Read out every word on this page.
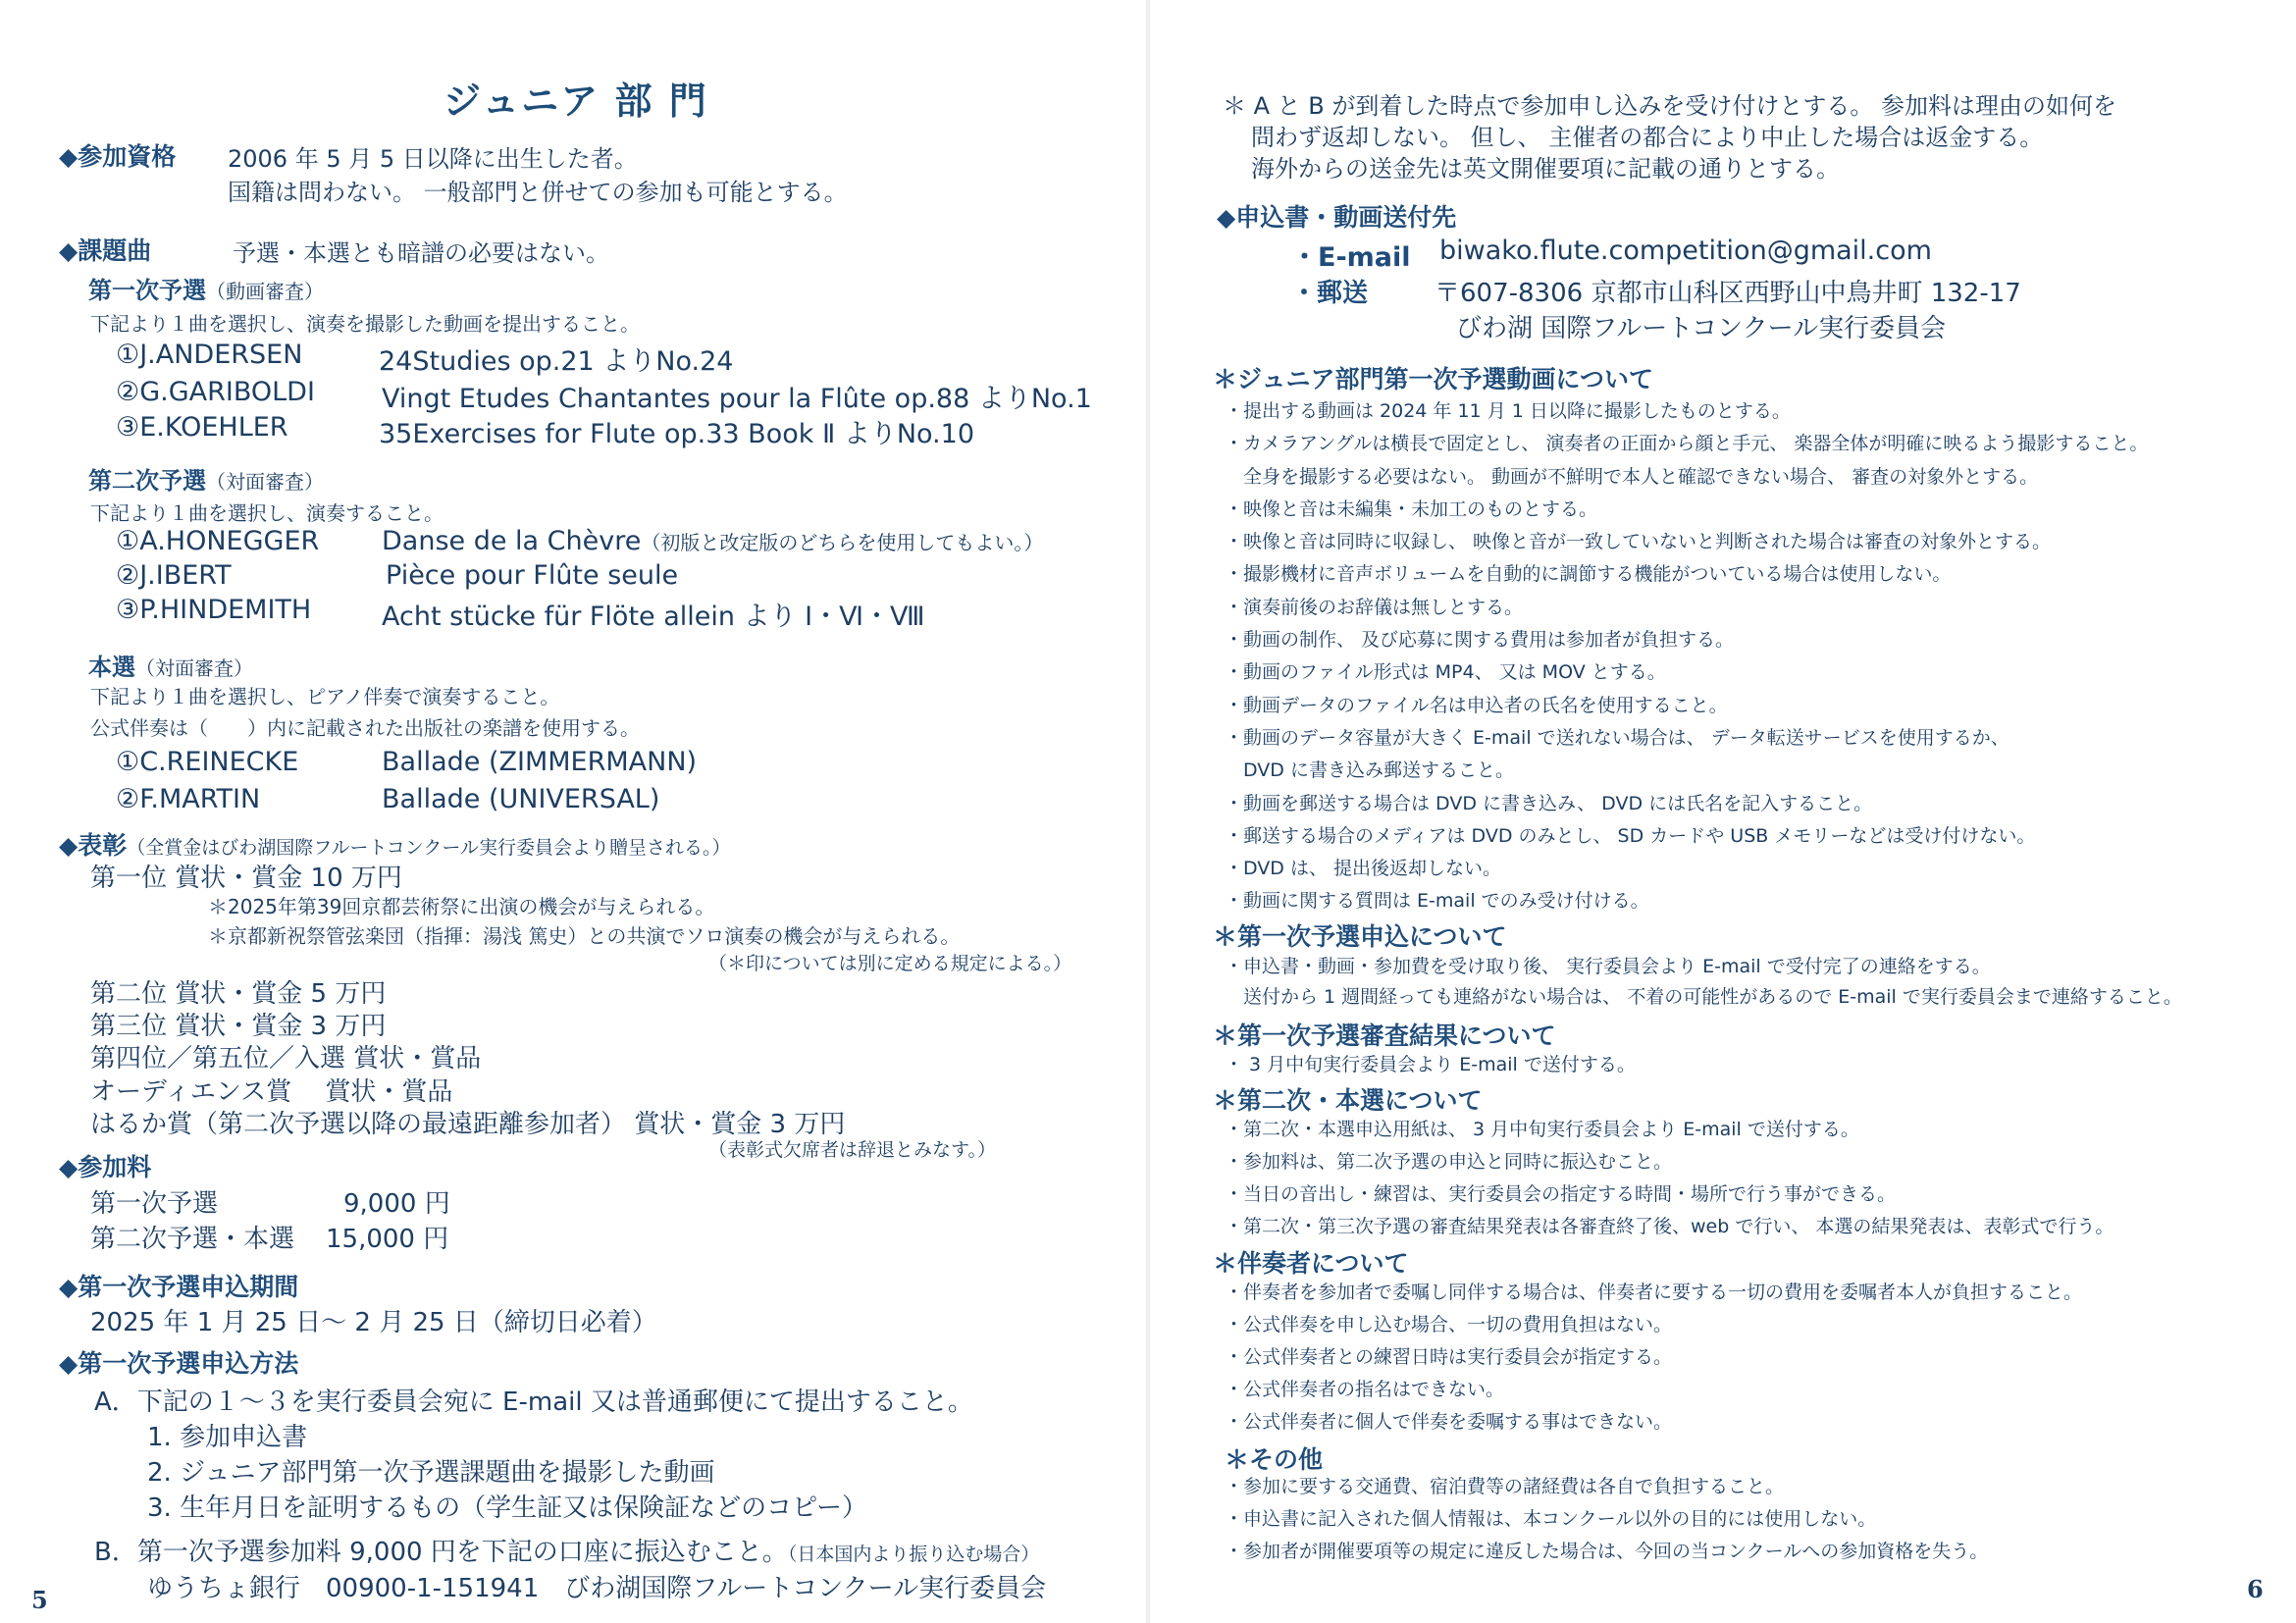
ジュニア 部 門
◆参加資格 2006 年 5 月 5 日以降に出生した者。
国籍は問わない。 一般部門と併せての参加も可能とする。
◆課題曲	予選・本選とも暗譜の必要はない。
第一次予選（動画審査）
下記より１曲を選択し、演奏を撮影した動画を提出すること。
①J.ANDERSEN	24Studies op.21 よりNo.24
②G.GARIBOLDI	Vingt Etudes Chantantes pour la Flûte op.88 よりNo.1
③E.KOEHLER	35Exercises for Flute op.33 Book Ⅱ よりNo.10
第二次予選（対面審査）
下記より１曲を選択し、演奏すること。
①A.HONEGGER Danse de la Chèvre（初版と改定版のどちらを使用してもよい。）
②J.IBERT	Pièce pour Flûte seule
③P.HINDEMITH	Acht stücke für Flöte allein より Ⅰ・Ⅵ・Ⅷ
本選（対面審査）
下記より１曲を選択し、ピアノ伴奏で演奏すること。
公式伴奏は（　　）内に記載された出版社の楽譜を使用する。
①C.REINECKE	Ballade (ZIMMERMANN)
②F.MARTIN	Ballade (UNIVERSAL)
◆表彰（全賞金はびわ湖国際フルートコンクール実行委員会より贈呈される。）
第一位 賞状・賞金 10 万円
＊2025年第39回京都芸術祭に出演の機会が与えられる。
＊京都新祝祭管弦楽団（指揮：湯浅 篤史）との共演でソロ演奏の機会が与えられる。
（＊印については別に定める規定による。）
第二位 賞状・賞金 5 万円
第三位 賞状・賞金 3 万円
第四位／第五位／入選 賞状・賞品
オーディエンス賞　 賞状・賞品
はるか賞（第二次予選以降の最遠距離参加者） 賞状・賞金 3 万円
（表彰式欠席者は辞退とみなす。）
◆参加料
第一次予選	9,000 円
第二次予選・本選 15,000 円
◆第一次予選申込期間
2025 年 1 月 25 日～ 2 月 25 日（締切日必着）
◆第一次予選申込方法
A．下記の１～３を実行委員会宛に E-mail 又は普通郵便にて提出すること。
1. 参加申込書
2. ジュニア部門第一次予選課題曲を撮影した動画
3. 生年月日を証明するもの（学生証又は保険証などのコピー）
B．第一次予選参加料 9,000 円を下記の口座に振込むこと。（日本国内より振り込む場合）
ゆうちょ銀行　00900-1-151941　びわ湖国際フルートコンクール実行委員会
5
＊ A と B が到着した時点で参加申し込みを受け付けとする。 参加料は理由の如何を
問わず返却しない。 但し、 主催者の都合により中止した場合は返金する。
海外からの送金先は英文開催要項に記載の通りとする。
◆申込書・動画送付先
・E-mail biwako.flute.competition@gmail.com
・郵送	〒607-8306 京都市山科区西野山中鳥井町 132-17
びわ湖 国際フルートコンクール実行委員会
＊ジュニア部門第一次予選動画について
・提出する動画は 2024 年 11 月 1 日以降に撮影したものとする。
・カメラアングルは横長で固定とし、 演奏者の正面から顔と手元、 楽器全体が明確に映るよう撮影すること。
　全身を撮影する必要はない。 動画が不鮮明で本人と確認できない場合、 審査の対象外とする。
・映像と音は未編集・未加工のものとする。
・映像と音は同時に収録し、 映像と音が一致していないと判断された場合は審査の対象外とする。
・撮影機材に音声ボリュームを自動的に調節する機能がついている場合は使用しない。
・演奏前後のお辞儀は無しとする。
・動画の制作、 及び応募に関する費用は参加者が負担する。
・動画のファイル形式は MP4、 又は MOV とする。
・動画データのファイル名は申込者の氏名を使用すること。
・動画のデータ容量が大きく E-mail で送れない場合は、 データ転送サービスを使用するか、
　DVD に書き込み郵送すること。
・動画を郵送する場合は DVD に書き込み、 DVD には氏名を記入すること。
・郵送する場合のメディアは DVD のみとし、 SD カードや USB メモリーなどは受け付けない。
・DVD は、 提出後返却しない。
・動画に関する質問は E-mail でのみ受け付ける。
＊第一次予選申込について
・申込書・動画・参加費を受け取り後、 実行委員会より E-mail で受付完了の連絡をする。
　送付から 1 週間経っても連絡がない場合は、 不着の可能性があるので E-mail で実行委員会まで連絡すること。
＊第一次予選審査結果について
・ 3 月中旬実行委員会より E-mail で送付する。
＊第二次・本選について
・第二次・本選申込用紙は、 3 月中旬実行委員会より E-mail で送付する。
・参加料は、第二次予選の申込と同時に振込むこと。
・当日の音出し・練習は、実行委員会の指定する時間・場所で行う事ができる。
・第二次・第三次予選の審査結果発表は各審査終了後、web で行い、 本選の結果発表は、表彰式で行う。
＊伴奏者について
・伴奏者を参加者で委嘱し同伴する場合は、伴奏者に要する一切の費用を委嘱者本人が負担すること。
・公式伴奏を申し込む場合、一切の費用負担はない。
・公式伴奏者との練習日時は実行委員会が指定する。
・公式伴奏者の指名はできない。
・公式伴奏者に個人で伴奏を委嘱する事はできない。
＊その他
・参加に要する交通費、宿泊費等の諸経費は各自で負担すること。
・申込書に記入された個人情報は、本コンクール以外の目的には使用しない。
・参加者が開催要項等の規定に違反した場合は、今回の当コンクールへの参加資格を失う。
6
